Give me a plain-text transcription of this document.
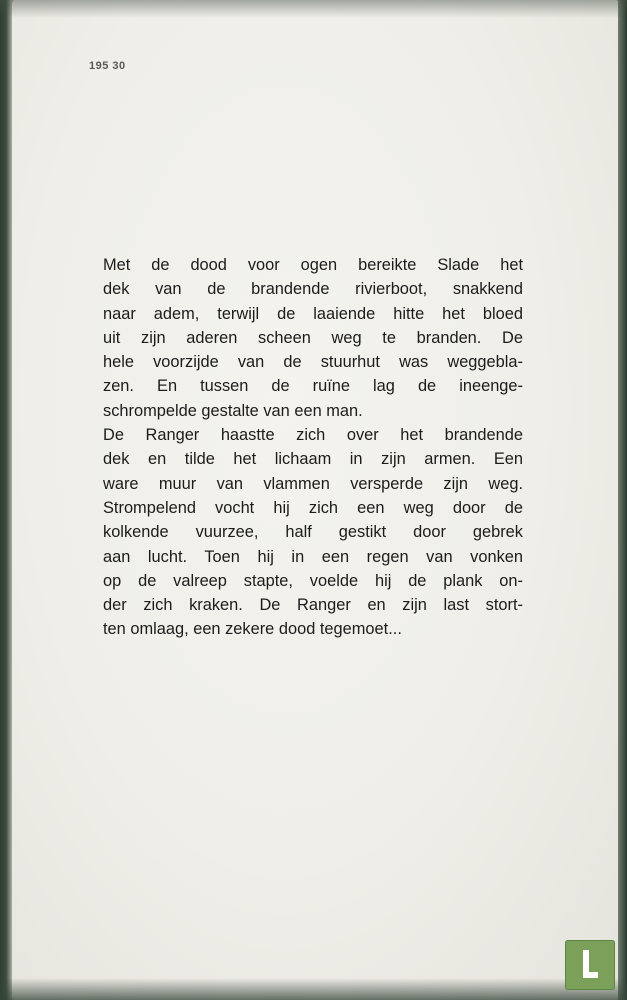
195 30
Met de dood voor ogen bereikte Slade het
dek van de brandende rivierboot, snakkend
naar adem, terwijl de laaiende hitte het bloed
uit zijn aderen scheen weg te branden. De
hele voorzijde van de stuurhut was weggebla-
zen. En tussen de ruïne lag de ineenge-
schrompelde gestalte van een man.
De Ranger haastte zich over het brandende
dek en tilde het lichaam in zijn armen. Een
ware muur van vlammen versperde zijn weg.
Strompelend vocht hij zich een weg door de
kolkende vuurzee, half gestikt door gebrek
aan lucht. Toen hij in een regen van vonken
op de valreep stapte, voelde hij de plank on-
der zich kraken. De Ranger en zijn last stort-
ten omlaag, een zekere dood tegemoet...
